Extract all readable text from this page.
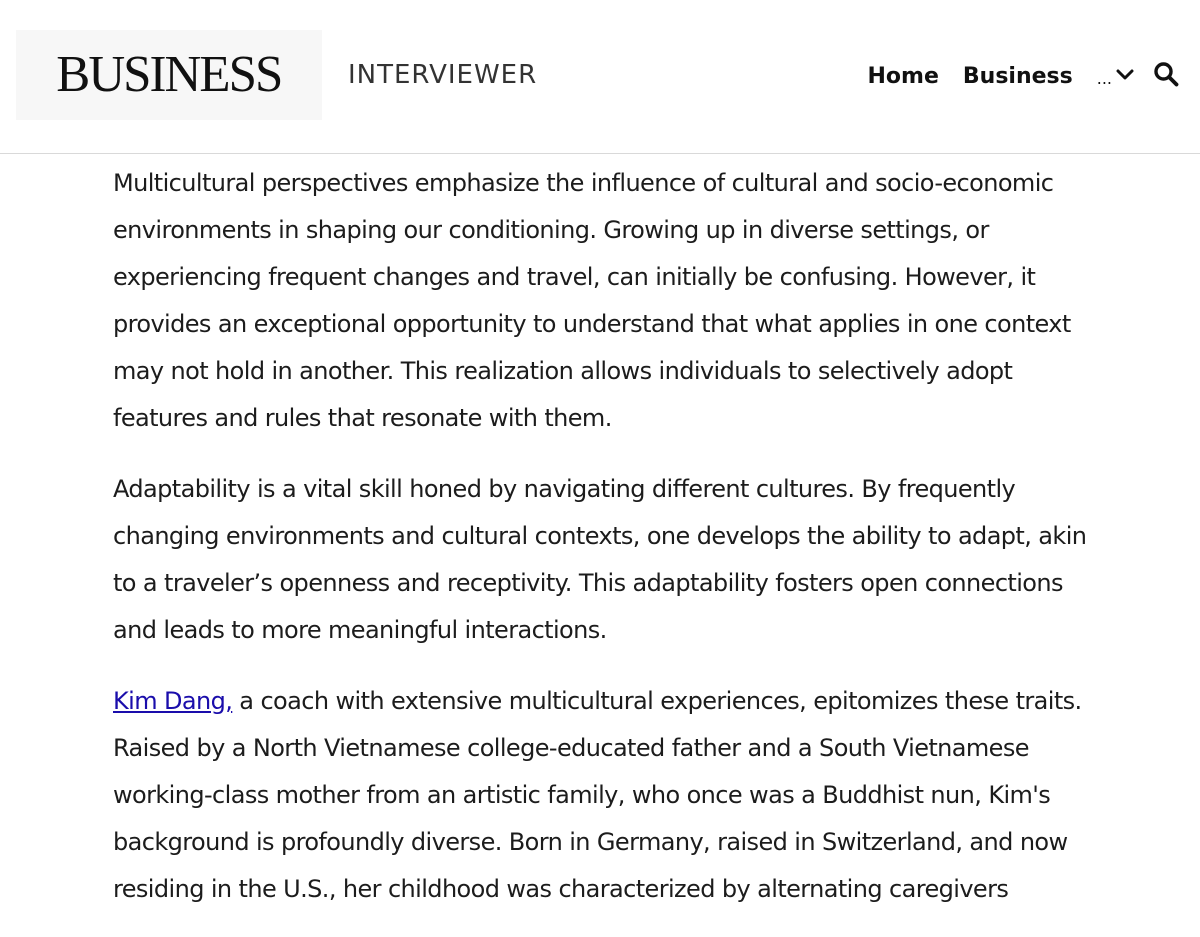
BUSINESS	INTERVIEWER	Home Business ...

Multicultural perspectives emphasize the influence of cultural and socio-economic environments in shaping our conditioning. Growing up in diverse settings, or experiencing frequent changes and travel, can initially be confusing. However, it provides an exceptional opportunity to understand that what applies in one context may not hold in another. This realization allows individuals to selectively adopt features and rules that resonate with them.

Adaptability is a vital skill honed by navigating different cultures. By frequently changing environments and cultural contexts, one develops the ability to adapt, akin to a traveler’s openness and receptivity. This adaptability fosters open connections and leads to more meaningful interactions.

Kim Dang, a coach with extensive multicultural experiences, epitomizes these traits. Raised by a North Vietnamese college-educated father and a South Vietnamese working-class mother from an artistic family, who once was a Buddhist nun, Kim's background is profoundly diverse. Born in Germany, raised in Switzerland, and now residing in the U.S., her childhood was characterized by alternating caregivers
